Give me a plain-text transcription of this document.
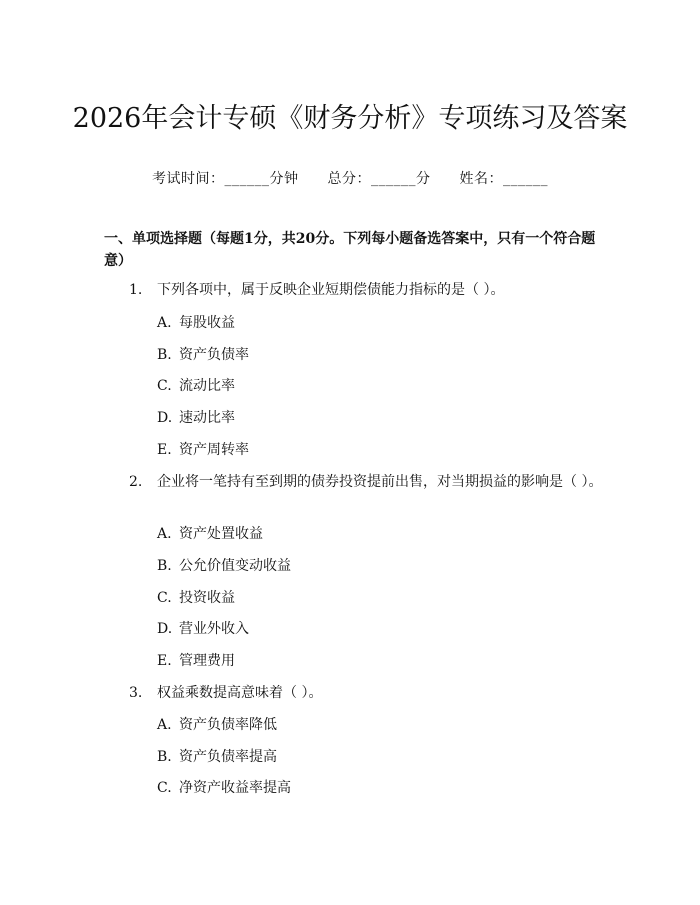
2026年会计专硕《财务分析》专项练习及答案
考试时间：______分钟 总分：______分 姓名：______
一、单项选择题（每题1分，共20分。下列每小题备选答案中，只有一个符合题意）
1. 下列各项中，属于反映企业短期偿债能力指标的是（ ）。
A. 每股收益
B. 资产负债率
C. 流动比率
D. 速动比率
E. 资产周转率
2. 企业将一笔持有至到期的债券投资提前出售，对当期损益的影响是（ ）。
A. 资产处置收益
B. 公允价值变动收益
C. 投资收益
D. 营业外收入
E. 管理费用
3. 权益乘数提高意味着（ ）。
A. 资产负债率降低
B. 资产负债率提高
C. 净资产收益率提高
